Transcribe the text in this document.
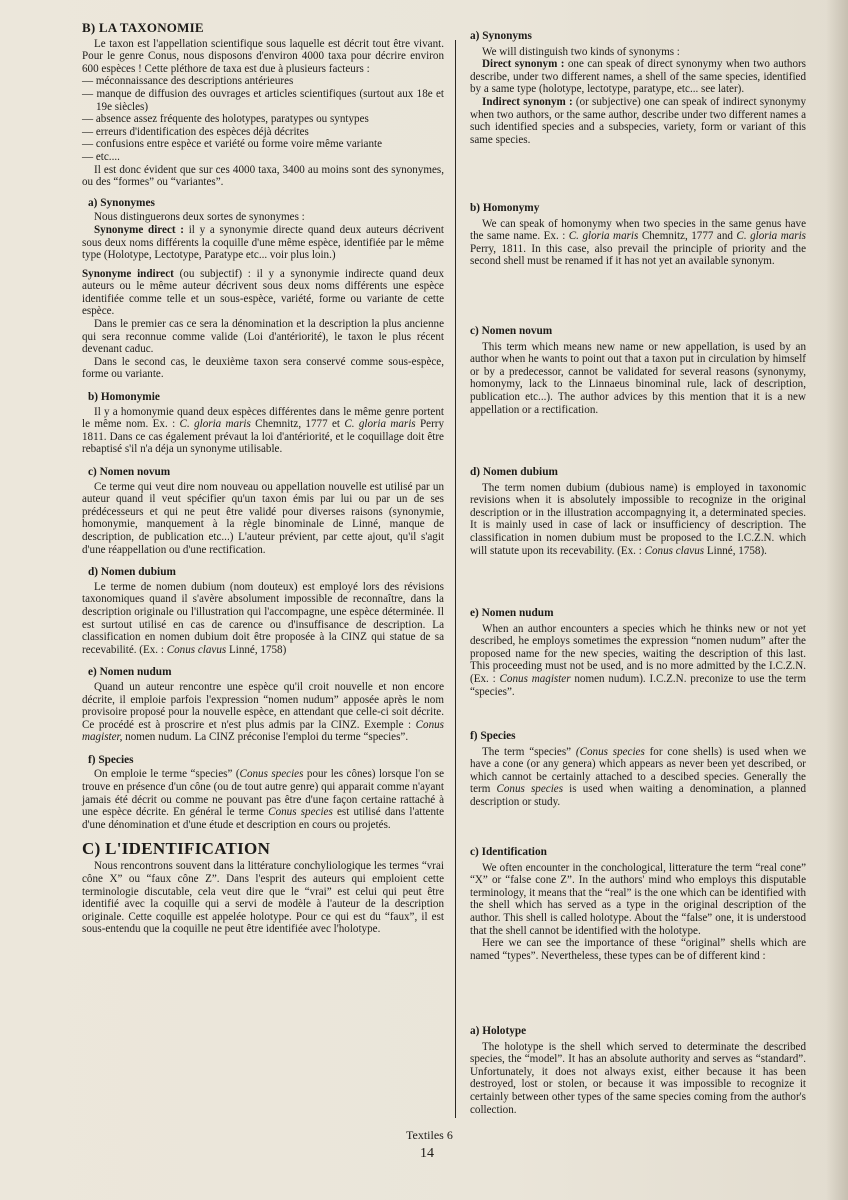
B) LA TAXONOMIE

Le taxon est l'appellation scientifique sous laquelle est décrit tout être vivant. Pour le genre Conus, nous disposons d'environ 4000 taxa pour décrire environ 600 espèces ! Cette pléthore de taxa est due à plusieurs facteurs :

— méconnaissance des descriptions antérieures
— manque de diffusion des ouvrages et articles scientifiques (surtout aux 18e et 19e siècles)
— absence assez fréquente des holotypes, paratypes ou syntypes
— erreurs d'identification des espèces déjà décrites
— confusions entre espèce et variété ou forme voire même variante
— etc....

Il est donc évident que sur ces 4000 taxa, 3400 au moins sont des synonymes, ou des “formes” ou “variantes”.

a) Synonymes

Nous distinguerons deux sortes de synonymes :

Synonyme direct : il y a synonymie directe quand deux auteurs décrivent sous deux noms différents la coquille d'une même espèce, identifiée par le même type (Holotype, Lectotype, Paratype etc... voir plus loin.)

Synonyme indirect (ou subjectif) : il y a synonymie indirecte quand deux auteurs ou le même auteur décrivent sous deux noms différents une espèce identifiée comme telle et un sous-espèce, variété, forme ou variante de cette espèce.

Dans le premier cas ce sera la dénomination et la description la plus ancienne qui sera reconnue comme valide (Loi d'antériorité), le taxon le plus récent devenant caduc.

Dans le second cas, le deuxième taxon sera conservé comme sous-espèce, forme ou variante.

b) Homonymie

Il y a homonymie quand deux espèces différentes dans le même genre portent le même nom. Ex. : C. gloria maris Chemnitz, 1777 et C. gloria maris Perry 1811. Dans ce cas également prévaut la loi d'antériorité, et le coquillage doit être rebaptisé s'il n'a déja un synonyme utilisable.

c) Nomen novum

Ce terme qui veut dire nom nouveau ou appellation nouvelle est utilisé par un auteur quand il veut spécifier qu'un taxon émis par lui ou par un de ses prédécesseurs et qui ne peut être validé pour diverses raisons (synonymie, homonymie, manquement à la règle binominale de Linné, manque de description, de publication etc...) L'auteur prévient, par cette ajout, qu'il s'agit d'une réappellation ou d'une rectification.

d) Nomen dubium

Le terme de nomen dubium (nom douteux) est employé lors des révisions taxonomiques quand il s'avère absolument impossible de reconnaître, dans la description originale ou l'illustration qui l'accompagne, une espèce déterminée. Il est surtout utilisé en cas de carence ou d'insuffisance de description. La classification en nomen dubium doit être proposée à la CINZ qui statue de sa recevabilité. (Ex. : Conus clavus Linné, 1758)

e) Nomen nudum

Quand un auteur rencontre une espèce qu'il croit nouvelle et non encore décrite, il emploie parfois l'expression “nomen nudum” apposée après le nom provisoire proposé pour la nouvelle espèce, en attendant que celle-ci soit décrite. Ce procédé est à proscrire et n'est plus admis par la CINZ. Exemple : Conus magister, nomen nudum. La CINZ préconise l'emploi du terme “species”.

f) Species

On emploie le terme “species” (Conus species pour les cônes) lorsque l'on se trouve en présence d'un cône (ou de tout autre genre) qui apparait comme n'ayant jamais été décrit ou comme ne pouvant pas être d'une façon certaine rattaché à une espèce décrite. En général le terme Conus species est utilisé dans l'attente d'une dénomination et d'une étude et description en cours ou projetés.

C) L'IDENTIFICATION

Nous rencontrons souvent dans la littérature conchyliologique les termes “vrai cône X” ou “faux cône Z”. Dans l'esprit des auteurs qui emploient cette terminologie discutable, cela veut dire que le “vrai” est celui qui peut être identifié avec la coquille qui a servi de modèle à l'auteur de la description originale. Cette coquille est appelée holotype. Pour ce qui est du “faux”, il est sous-entendu que la coquille ne peut être identifiée avec l'holotype.

a) Synonyms

We will distinguish two kinds of synonyms :

Direct synonym : one can speak of direct synonymy when two authors describe, under two different names, a shell of the same species, identified by a same type (holotype, lectotype, paratype, etc... see later).

Indirect synonym : (or subjective) one can speak of indirect synonymy when two authors, or the same author, describe under two different names a such identified species and a subspecies, variety, form or variant of this same species.

b) Homonymy

We can speak of homonymy when two species in the same genus have the same name. Ex. : C. gloria maris Chemnitz, 1777 and C. gloria maris Perry, 1811. In this case, also prevail the principle of priority and the second shell must be renamed if it has not yet an available synonym.

c) Nomen novum

This term which means new name or new appellation, is used by an author when he wants to point out that a taxon put in circulation by himself or by a predecessor, cannot be validated for several reasons (synonymy, homonymy, lack to the Linnaeus binominal rule, lack of description, publication etc...). The author advices by this mention that it is a new appellation or a rectification.

d) Nomen dubium

The term nomen dubium (dubious name) is employed in taxonomic revisions when it is absolutely impossible to recognize in the original description or in the illustration accompagnying it, a determinated species. It is mainly used in case of lack or insufficiency of description. The classification in nomen dubium must be proposed to the I.C.Z.N. which will statute upon its recevability. (Ex. : Conus clavus Linné, 1758).

e) Nomen nudum

When an author encounters a species which he thinks new or not yet described, he employs sometimes the expression “nomen nudum” after the proposed name for the new species, waiting the description of this last. This proceeding must not be used, and is no more admitted by the I.C.Z.N. (Ex. : Conus magister nomen nudum). I.C.Z.N. preconize to use the term “species”.

f) Species

The term “species” (Conus species for cone shells) is used when we have a cone (or any genera) which appears as never been yet described, or which cannot be certainly attached to a descibed species. Generally the term Conus species is used when waiting a denomination, a planned description or study.

c) Identification

We often encounter in the conchological, litterature the term “real cone” “X” or “false cone Z”. In the authors' mind who employs this disputable terminology, it means that the “real” is the one which can be identified with the shell which has served as a type in the original description of the author. This shell is called holotype. About the “false” one, it is understood that the shell cannot be identified with the holotype.

Here we can see the importance of these “original” shells which are named “types”. Nevertheless, these types can be of different kind :

a) Holotype

The holotype is the shell which served to determinate the described species, the “model”. It has an absolute authority and serves as “standard”. Unfortunately, it does not always exist, either because it has been destroyed, lost or stolen, or because it was impossible to recognize it certainly between other types of the same species coming from the author's collection.

Textiles 6
14
